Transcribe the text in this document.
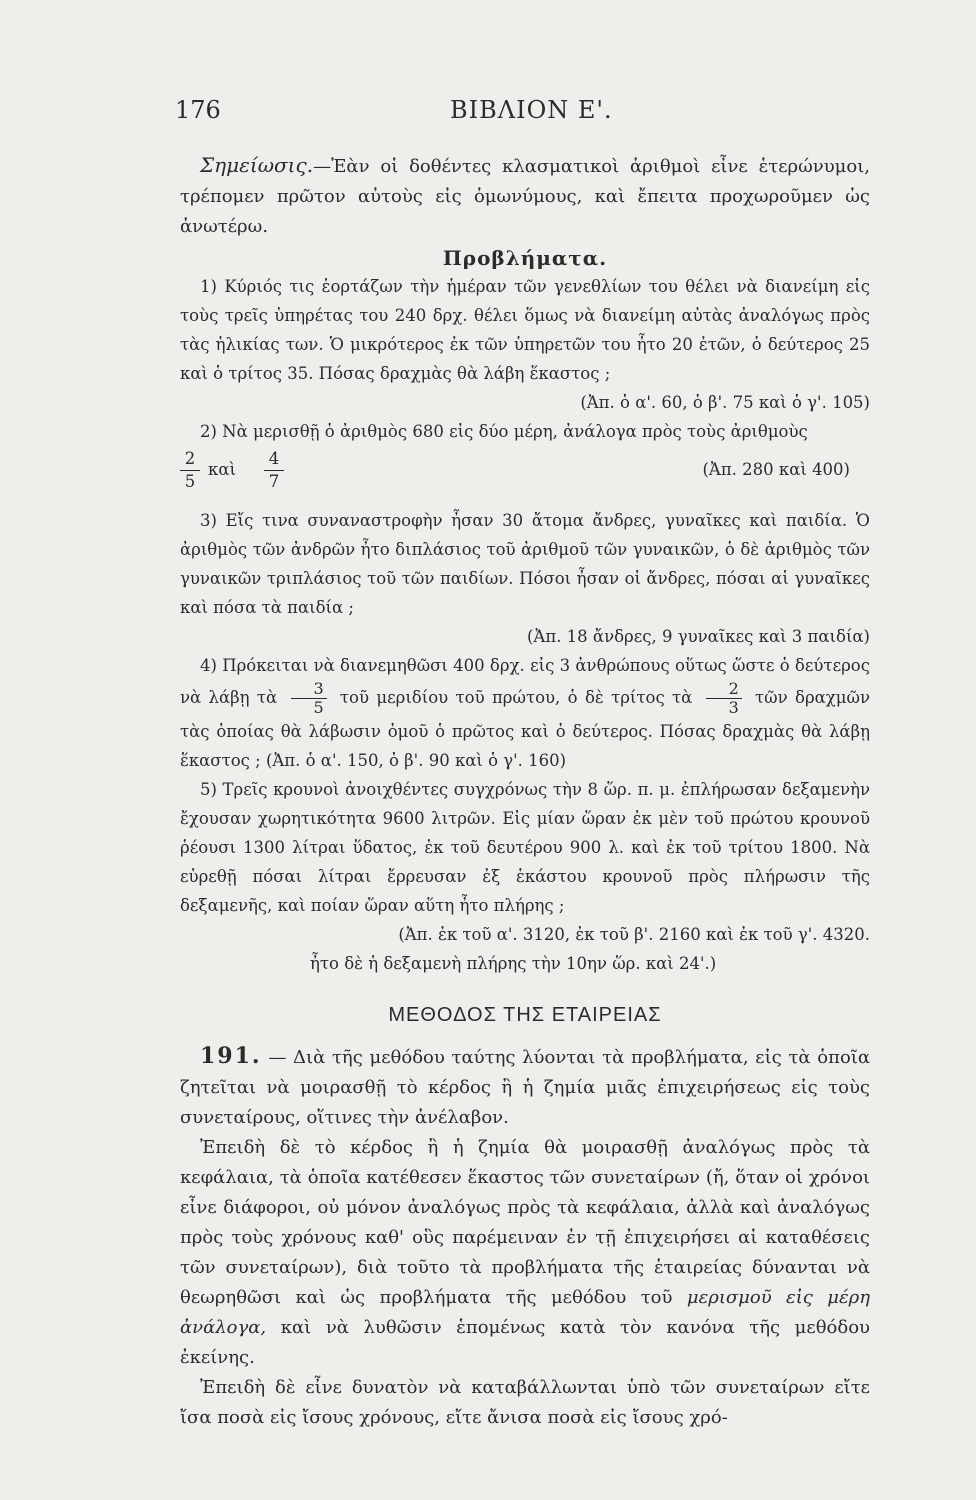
176	ΒΙΒΛΙΟΝ Ε'.

Σημείωσις.—Ἐὰν οἱ δοθέντες κλασματικοὶ ἀριθμοὶ εἶνε ἑτερώνυμοι, τρέπομεν πρῶτον αὐτοὺς εἰς ὁμωνύμους, καὶ ἔπειτα προχωροῦμεν ὡς ἀνωτέρω.

Προβλήματα.

1) Κύριός τις ἑορτάζων τὴν ἡμέραν τῶν γενεθλίων του θέλει νὰ διανείμη εἰς τοὺς τρεῖς ὑπηρέτας του 240 δρχ. θέλει ὅμως νὰ διανείμη αὐτὰς ἀναλόγως πρὸς τὰς ἡλικίας των. Ὁ μικρότερος ἐκ τῶν ὑπηρετῶν του ἦτο 20 ἐτῶν, ὁ δεύτερος 25 καὶ ὁ τρίτος 35. Πόσας δραχμὰς θὰ λάβη ἕκαστος ;

(Ἀπ. ὁ α'. 60, ὁ β'. 75 καὶ ὁ γ'. 105)

2) Νὰ μερισθῇ ὁ ἀριθμὸς 680 εἰς δύο μέρη, ἀνάλογα πρὸς τοὺς ἀριθμοὺς

$\frac{2}{5}$ καὶ $\frac{4}{7}$	(Ἀπ. 280 καὶ 400)

3) Εἴς τινα συναναστροφὴν ἦσαν 30 ἄτομα ἄνδρες, γυναῖκες καὶ παιδία. Ὁ ἀριθμὸς τῶν ἀνδρῶν ἦτο διπλάσιος τοῦ ἀριθμοῦ τῶν γυναικῶν, ὁ δὲ ἀριθμὸς τῶν γυναικῶν τριπλάσιος τοῦ τῶν παιδίων. Πόσοι ἦσαν οἱ ἄνδρες, πόσαι αἱ γυναῖκες καὶ πόσα τὰ παιδία ;

(Ἀπ. 18 ἄνδρες, 9 γυναῖκες καὶ 3 παιδία)

4) Πρόκειται νὰ διανεμηθῶσι 400 δρχ. εἰς 3 ἀνθρώπους οὕτως ὥστε ὁ δεύτερος νὰ λάβῃ τὰ $\frac{3}{5}$ τοῦ μεριδίου τοῦ πρώτου, ὁ δὲ τρίτος τὰ $\frac{2}{3}$ τῶν δραχμῶν τὰς ὁποίας θὰ λάβωσιν ὁμοῦ ὁ πρῶτος καὶ ὁ δεύτερος. Πόσας δραχμὰς θὰ λάβῃ ἕκαστος ; (Ἀπ. ὁ α'. 150, ὁ β'. 90 καὶ ὁ γ'. 160)

5) Τρεῖς κρουνοὶ ἀνοιχθέντες συγχρόνως τὴν 8 ὥρ. π. μ. ἐπλήρωσαν δεξαμενὴν ἔχουσαν χωρητικότητα 9600 λιτρῶν. Εἰς μίαν ὥραν ἐκ μὲν τοῦ πρώτου κρουνοῦ ῥέουσι 1300 λίτραι ὕδατος, ἐκ τοῦ δευτέρου 900 λ. καὶ ἐκ τοῦ τρίτου 1800. Νὰ εὑρεθῇ πόσαι λίτραι ἔρρευσαν ἐξ ἑκάστου κρουνοῦ πρὸς πλήρωσιν τῆς δεξαμενῆς, καὶ ποίαν ὥραν αὕτη ἦτο πλήρης ;

(Ἀπ. ἐκ τοῦ α'. 3120, ἐκ τοῦ β'. 2160 καὶ ἐκ τοῦ γ'. 4320.

ἦτο δὲ ἡ δεξαμενὴ πλήρης τὴν 10ην ὥρ. καὶ 24'.)

ΜΕΘΟΔΟΣ ΤΗΣ ΕΤΑΙΡΕΙΑΣ

191. — Διὰ τῆς μεθόδου ταύτης λύονται τὰ προβλήματα, εἰς τὰ ὁποῖα ζητεῖται νὰ μοιρασθῇ τὸ κέρδος ἢ ἡ ζημία μιᾶς ἐπιχειρήσεως εἰς τοὺς συνεταίρους, οἵτινες τὴν ἀνέλαβον.

Ἐπειδὴ δὲ τὸ κέρδος ἢ ἡ ζημία θὰ μοιρασθῇ ἀναλόγως πρὸς τὰ κεφάλαια, τὰ ὁποῖα κατέθεσεν ἕκαστος τῶν συνεταίρων (ἤ, ὅταν οἱ χρόνοι εἶνε διάφοροι, οὐ μόνον ἀναλόγως πρὸς τὰ κεφάλαια, ἀλλὰ καὶ ἀναλόγως πρὸς τοὺς χρόνους καθ' οὓς παρέμειναν ἐν τῇ ἐπιχειρήσει αἱ καταθέσεις τῶν συνεταίρων), διὰ τοῦτο τὰ προβλήματα τῆς ἑταιρείας δύνανται νὰ θεωρηθῶσι καὶ ὡς προβλήματα τῆς μεθόδου τοῦ μερισμοῦ εἰς μέρη ἀνάλογα, καὶ νὰ λυθῶσιν ἑπομένως κατὰ τὸν κανόνα τῆς μεθόδου ἐκείνης.

Ἐπειδὴ δὲ εἶνε δυνατὸν νὰ καταβάλλωνται ὑπὸ τῶν συνεταίρων εἴτε ἴσα ποσὰ εἰς ἴσους χρόνους, εἴτε ἄνισα ποσὰ εἰς ἴσους χρό-
